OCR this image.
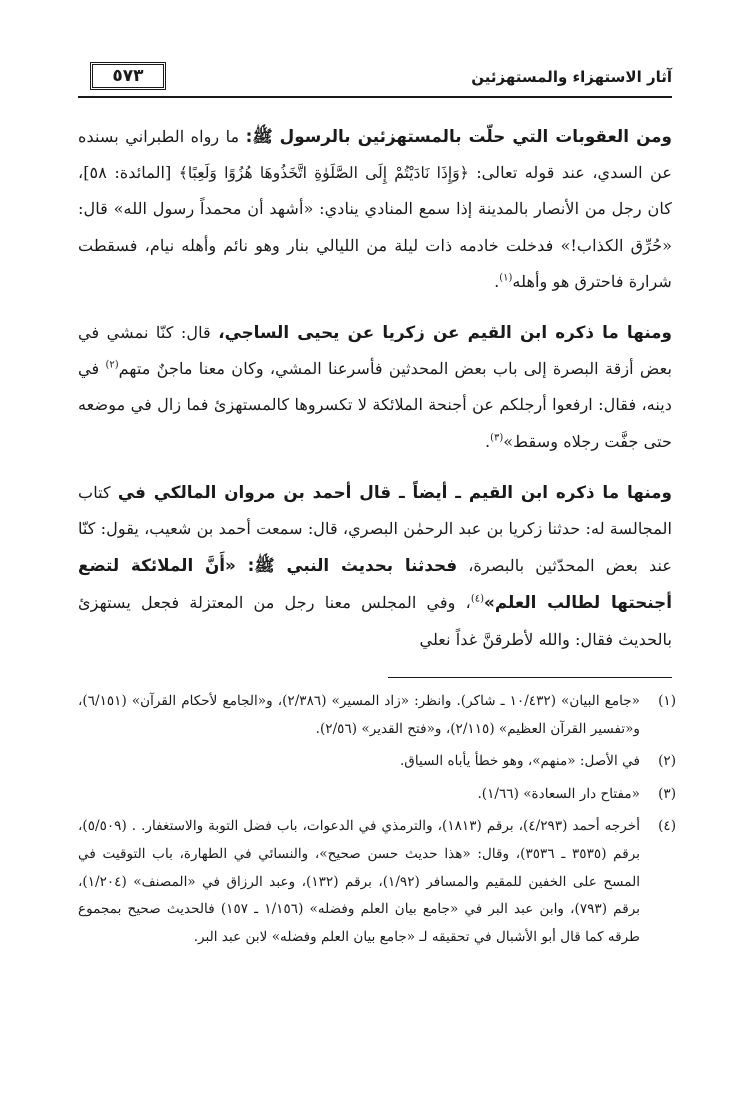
آثار الاستهزاء والمستهزئين
٥٧٣

ومن العقوبات التي حلّت بالمستهزئين بالرسول ﷺ: ما رواه الطبراني بسنده عن السدي، عند قوله تعالى: ﴿وَإِذَا نَادَيْتُمْ إِلَى الصَّلَوٰةِ اتَّخَذُوهَا هُزُوًا وَلَعِبًا﴾ [المائدة: ٥٨]، كان رجل من الأنصار بالمدينة إذا سمع المنادي ينادي: «أشهد أن محمداً رسول الله» قال: «حُرِّق الكذاب!» فدخلت خادمه ذات ليلة من الليالي بنار وهو نائم وأهله نيام، فسقطت شرارة فاحترق هو وأهله$^{(١)}$.

ومنها ما ذكره ابن القيم عن زكريا عن يحيى الساجي، قال: كنّا نمشي في بعض أزقة البصرة إلى باب بعض المحدثين فأسرعنا المشي، وكان معنا ماجنٌ متهم$^{(٢)}$ في دينه، فقال: ارفعوا أرجلكم عن أجنحة الملائكة لا تكسروها كالمستهزئ فما زال في موضعه حتى جفَّت رجلاه وسقط»$^{(٣)}$.

ومنها ما ذكره ابن القيم ـ أيضاً ـ قال أحمد بن مروان المالكي في كتاب المجالسة له: حدثنا زكريا بن عبد الرحمٰن البصري، قال: سمعت أحمد بن شعيب، يقول: كنّا عند بعض المحدّثين بالبصرة، فحدثنا بحديث النبي ﷺ: «أَنَّ الملائكة لتضع أجنحتها لطالب العلم»$^{(٤)}$، وفي المجلس معنا رجل من المعتزلة فجعل يستهزئ بالحديث فقال: والله لأطرقنَّ غداً نعلي

(١)
«جامع البيان» (١٠/٤٣٢ ـ شاكر). وانظر: «زاد المسير» (٢/٣٨٦)، و«الجامع لأحكام القرآن» (٦/١٥١)، و«تفسير القرآن العظيم» (٢/١١٥)، و«فتح القدير» (٢/٥٦).
(٢)
في الأصل: «منهم»، وهو خطأ يأباه السياق.
(٣)
«مفتاح دار السعادة» (١/٦٦).
(٤)
أخرجه أحمد (٤/٢٩٣)، برقم (١٨١٣)، والترمذي في الدعوات، باب فضل التوبة والاستغفار. . (٥/٥٠٩)، برقم (٣٥٣٥ ـ ٣٥٣٦)، وقال: «هذا حديث حسن صحيح»، والنسائي في الطهارة، باب التوقيت في المسح على الخفين للمقيم والمسافر (١/٩٢)، برقم (١٣٢)، وعبد الرزاق في «المصنف» (١/٢٠٤)، برقم (٧٩٣)، وابن عبد البر في «جامع بيان العلم وفضله» (١/١٥٦ ـ ١٥٧) فالحديث صحيح بمجموع طرقه كما قال أبو الأشبال في تحقيقه لـ «جامع بيان العلم وفضله» لابن عبد البر.
